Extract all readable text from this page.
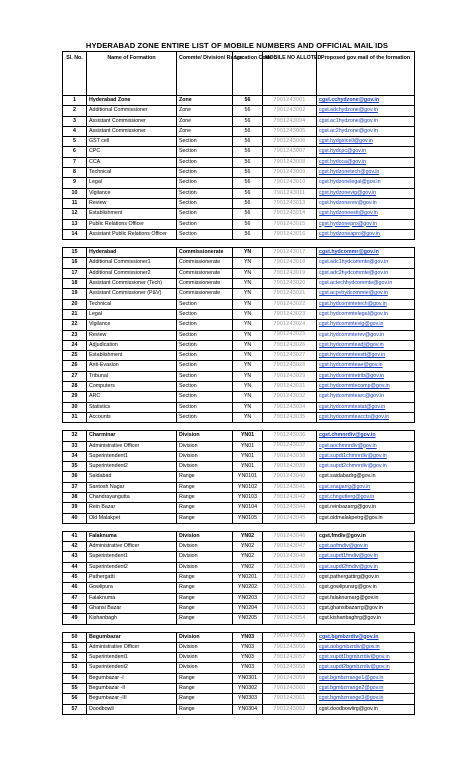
HYDERABAD ZONE ENTIRE LIST OF MOBILE NUMBERS AND OFFICIAL MAIL IDS
Sl. No.	Name of Formation	Commte/ Division/ Range	Location Code	MOBILE NO ALLOTED	Proposed gov mail of the formation
1	Hyderabad Zone	Zone	56	7901243001	cgst.cchydzone@gov.in
2	Additional Commissioner	Zone	56	7901243002	cgst.adchydzone@gov.in
3	Assistant Commissioner	Zone	56	7901243004	cgst.ac1hydzone@gov.in
4	Assistant Commissioner	Zone	56	7901243005	cgst.ac2hydzone@gov.in
5	GST cell	Section	56	7901243006	cgst.hydgstcell@gov.in
6	CPC	Section	56	7901243007	cgst.hydcpc@gov.in
7	CCA	Section	56	7901243008	cgst.hydcca@gov.in
8	Technical	Section	56	7901243009	cgst.hydzonetech@gov.in
9	Legal	Section	56	7901243010	cgst.hydzonelegal@gov.in
10	Vigilance	Section	56	7901243011	cgst.hydzonevig@gov.in
11	Review	Section	56	7901243013	cgst.hydzonerev@gov.in
12	Establishment	Section	56	7901243014	cgst.hydzoneestt@gov.in
13	Public Relations Officer	Section	56	7901243015	cgst.hydzonepro@gov.in
14	Assistant Public Relations Officer	Section	56	7901243016	cgst.hydzoneapro@gov.in

15	Hyderabad	Commissionerate	YN	7901243017	cgst.hydcommr@gov.in
16	Additional Commissioner1	Commissionerate	YN	7901243018	cgst.adc1hydcommte@gov.in
17	Additional Commissioner2	Commissionerate	YN	7901243019	cgst.adc2hydcommte@gov.in
18	Assistant Commissioner (Tech)	Commissionerate	YN	7901243020	cgst.actechhydcommte@gov.in
19	Assistant Commissioner (P&V)	Commissionerate	YN	7901243021	cgst.acpvhydcommte@gov.in
20	Technical	Section	YN	7901243022	cgst.hydcommtetech@gov.in
21	Legal	Section	YN	7901243023	cgst.hydcommtelegal@gov.in
22	Vigilance	Section	YN	7901243024	cgst.hydcommtevig@gov.in
23	Review	Section	YN	7901243025	cgst.hydcommterev@gov.in
24	Adjudication	Section	YN	7901243026	cgst.hydcommteadj@gov.in
25	Establishment	Section	YN	7901243027	cgst.hydcommteestt@gov.in
26	Anti-Evasion	Section	YN	7901243028	cgst.hydcommteae@gov.in
27	Tribunal	Section	YN	7901243029	cgst.hydcommtetrib@gov.in
28	Computers	Section	YN	7901243031	cgst.hydcommtecomp@gov.in
29	ARC	Section	YN	7901243032	cgst.hydcommtearc@gov.in
30	Statistics	Section	YN	7901243034	cgst.hydcommtestat@gov.in
31	Accounts	Section	YN	7901243035	cgst.hydcommteaccts@gov.in

32	Charminar	Division	YN01	7901243036	cgst.chmnrdiv@gov.in
33	Administrative Officer	Division	YN01	7901243037	cgst.aochmnrdiv@gov.in
34	Superintendent1	Division	YN01	7901243038	cgst.supdt1chmnrdiv@gov.in
35	Superintendent2	Division	YN01	7901243039	cgst.supdt2chmnrdiv@gov.in
36	Saidabad	Range	YN0101	7901243040	cgst.saidabadrg@gov.in
37	Santosh Nagar	Range	YN0102	7901243041	cgst.snagarrg@gov.in
38	Chandrayangutta	Range	YN0103	7901243042	cgst.chngutterg@gov.in
39	Rein Bazar	Range	YN0104	7901243044	cgst.reinbazarrg@gov.in
40	Old Malakpet	Range	YN0105	7901243045	cgst.oldmalakpetrg@gov.in

41	Falaknuma	Division	YN02	7901243046	cgst.fmdiv@gov.in
42	Administrative Officer	Division	YN02	7901243047	cgst.aofmdiv@gov.in
43	Superintendent1	Division	YN02	7901243048	cgst.supdt1fmdiv@gov.in
44	Superintendent2	Division	YN02	7901243049	cgst.supdt2fmdiv@gov.in
45	Pathergatti	Range	YN0201	7901243050	cgst.pathergattirg@gov.in
46	Gowlipura	Range	YN0202	7901243051	cgst.gowlipurarg@gov.in
47	Falaknuma	Range	YN0203	7901243052	cgst.falaknumarg@gov.in
48	Ghansi Bazar	Range	YN0204	7901243053	cgst.ghansibazarrg@gov.in
49	Kishanbagh	Range	YN0205	7901243054	cgst.kishanbaghrg@gov.in

50	Begumbazar	Division	YN03	7901243055	cgst.bgmbzrdiv@gov.in
51	Administrative Officer	Division	YN03	7901243056	cgst.aobgmbzrdiv@gov.in
52	Superintendent1	Division	YN03	7901243057	cgst.supdt1bgmbzrdiv@gov.in
53	Superintendent2	Division	YN03	7901243058	cgst.supdt2bgmbzrdiv@gov.in
54	Begumbazar -I	Range	YN0301	7901243059	cgst.bgmbzrrange1@gov.in
55	Begumbazar -II	Range	YN0302	7901243060	cgst.bgmbzrrange2@gov.in
56	Begumbazar -III	Range	YN0303	7901243061	cgst.bgmbzrrange3@gov.in
57	Doodbowli	Range	YN0304	7901243062	cgst.doodbowlirg@gov.in
